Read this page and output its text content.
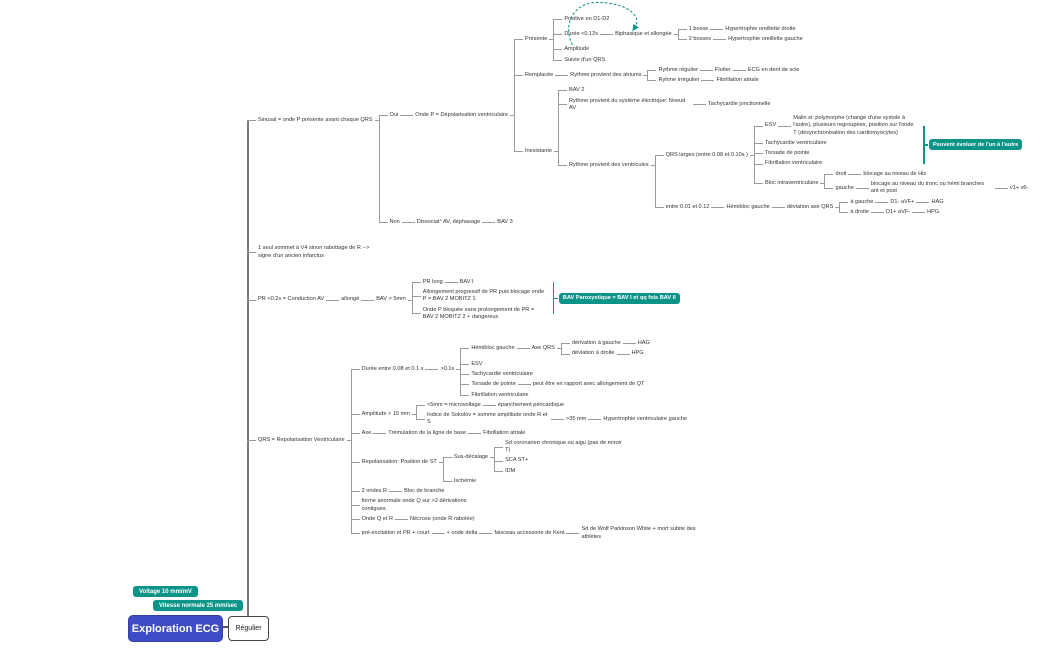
Sinusal = onde P présente avant chaque QRS
Oui	Onde P = Dépolarisation ventriculaire
Présente
Positive en D1-D2
Durée <0.12s	Biphasique et allongée
1 bosse	Hypertrophie oreillette droite
2 bosses	Hypertrophie oreillette gauche
Amplitude
Suivie d'un QRS
Remplacée	Rythme provient des atriums
Rythme régulier	Flutter	ECG en dent de scie
Ryhme irrégulier	Fibrillation atriale
Inexistante
BAV 2
Rythme provient du système électrique: Noeud AV
Tachycardie jonctionnelle
Rythme provient des ventricules
QRS larges (entre 0.08 et 0.10s )
ESV
Malin si: polymorphe (change d'une systole à l'autre), plusieurs regroupées, position sur l'onde T (désynchronisation des cardiomyocytes)
Tachycardie ventriculaire
Torsade de pointe
Fibrillation ventriculaire
Bloc intraventriculaire
droit	blocage au niveau de His
gauche
blocage au niveau du tronc ou hémi branches ant et post
v1+ v6-
Peuvent évoluer de l'un à l'autre
entre 0.01 et 0.12	Hémibloc gauche	déviation axe QRS
à gauche	D1- aVF+	HAG
à droite	D1+ aVF-	HPG
Non	Dissociat° AV, déphasage	BAV 3
1 seul sommet à V4 sinon rabottage de R --> signe d'un ancien infarctus
PR <0.2s = Conduction AV	allongé	BAV > 5mm
PR long	BAV I
Allongement progressif de PR puis blocage onde P = BAV 2 MOBITZ 1
Onde P bloquée sans prolongement de PR = BAV 2 MOBITZ 2 + dangereux
BAV Paroxystique = BAV I et qq fois BAV II
QRS = Repolarisation Ventriculaire
Durée entre 0.08 et 0.1 s	>0.1s
Hémibloc gauche	Axe QRS
dérivation à gauche	HAG
déviation à droite	HPG
ESV
Tachycardie ventriculaire
Torsade de pointe	peut être en rapport avec allongement de QT
Fibrillation ventriculaire
Amplitude > 15 mm
<5mm = microvoltage	épanchement péricardique
Indice de Sokolov = somme amplitude onde R et S
>35 mm	Hypertrophie ventriculaire gauche
Axe	Trémulation de la ligne de base	Fibrillation atriale
Repolarisation: Position de ST
Sus-décalage
Sd coronarien chronique ou aigu (pas de miroir T)
SCA ST+
IDM
Ischémie
2 ondes R	Bloc de branche
forme anormale onde Q sur >2 dérivations contigues.
Onde Q et R	Nécrose (onde R rabotée)
pré-excitation et PR + court	+ onde delta	faisceau accessoire de Kent
Sd de Wolf Parkinson White + mort subite des athlètes
Voltage 10 mm/mV
Vitesse normale 25 mm/sec
Exploration ECG	Régulier
